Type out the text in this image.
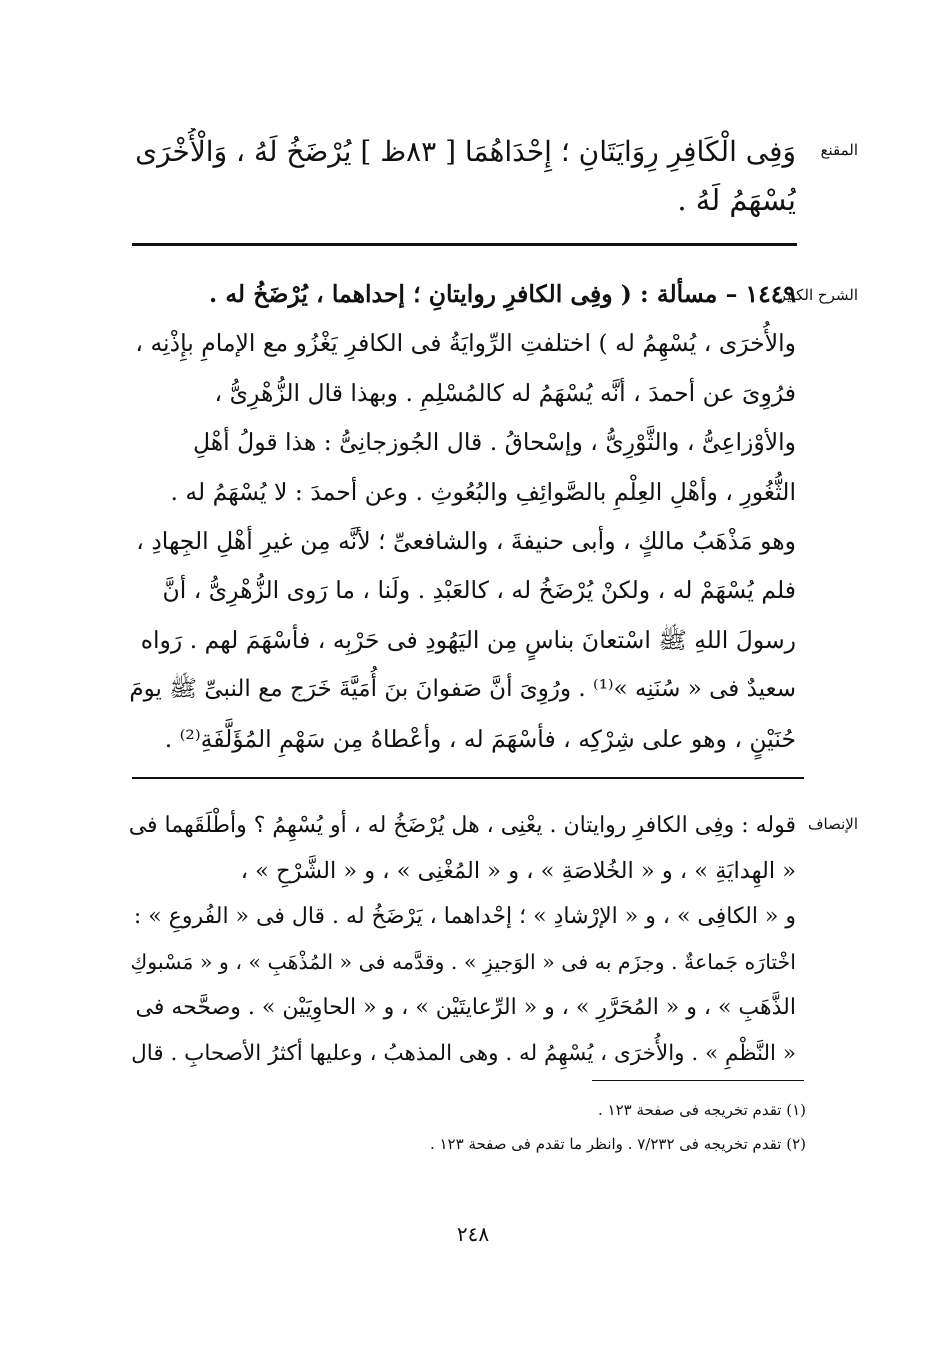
المقنع
وَفِى الْكَافِرِ رِوَايَتَانِ ؛ إِحْدَاهُمَا [ ٨٣ظ ] يُرْضَخُ لَهُ ، وَالْأُخْرَى
يُسْهَمُ لَهُ .
الشرح الكبير
١٤٤٩ – مسألة : ( وفِى الكافرِ روايتانِ ؛ إحداهما ، يُرْضَخُ له .
والأُخرَى ، يُسْهِمُ له ) اختلفتِ الرِّوايَةُ فى الكافرِ يَغْزُو مع الإمامِ بإِذْنِه ،
فرُوِىَ عن أحمدَ ، أنَّه يُسْهَمُ له كالمُسْلِمِ . وبهذا قال الزُّهْرِىُّ ،
والأوْزاعِىُّ ، والثَّوْرِىُّ ، وإسْحاقُ . قال الجُوزجانِىُّ : هذا قولُ أهْلِ
الثُّغُورِ ، وأهْلِ العِلْمِ بالصَّوائِفِ والبُعُوثِ . وعن أحمدَ : لا يُسْهَمُ له .
وهو مَذْهَبُ مالكٍ ، وأبى حنيفةَ ، والشافعىِّ ؛ لأنَّه مِن غيرِ أهْلِ الجِهادِ ،
فلم يُسْهَمْ له ، ولكنْ يُرْضَخُ له ، كالعَبْدِ . ولَنا ، ما رَوى الزُّهْرِىُّ ، أنَّ
رسولَ اللهِ ﷺ اسْتعانَ بناسٍ مِن اليَهُودِ فى حَرْبِه ، فأسْهَمَ لهم . رَواه
سعيدٌ فى « سُنَنِه »⁽¹⁾ . ورُوِىَ أنَّ صَفوانَ بنَ أُمَيَّةَ خَرَج مع النبىِّ ﷺ يومَ
حُنَيْنٍ ، وهو على شِرْكِه ، فأسْهَمَ له ، وأعْطاهُ مِن سَهْمِ المُؤَلَّفَةِ⁽²⁾ .
الإنصاف
قوله : وفِى الكافرِ روايتان . يعْنِى ، هل يُرْضَخُ له ، أو يُسْهِمُ ؟ وأطْلَقَهما فى
« الهِدايَةِ » ، و « الخُلاصَةِ » ، و « المُغْنِى » ، و « الشَّرْحِ » ،
و « الكافِى » ، و « الإرْشادِ » ؛ إحْداهما ، يَرْضَخُ له . قال فى « الفُروعِ » :
اخْتارَه جَماعةٌ . وجزَم به فى « الوَجيزِ » . وقدَّمه فى « المُذْهَبِ » ، و « مَسْبوكِ
الذَّهَبِ » ، و « المُحَرَّرِ » ، و « الرِّعايتَيْن » ، و « الحاوِيَيْن » . وصحَّحه فى
« النَّظْمِ » . والأُخرَى ، يُسْهِمُ له . وهى المذهبُ ، وعليها أكثرُ الأصحابِ . قال
(١) تقدم تخريجه فى صفحة ١٢٣ .
(٢) تقدم تخريجه فى ٧/٢٣٢ . وانظر ما تقدم فى صفحة ١٢٣ .
٢٤٨
